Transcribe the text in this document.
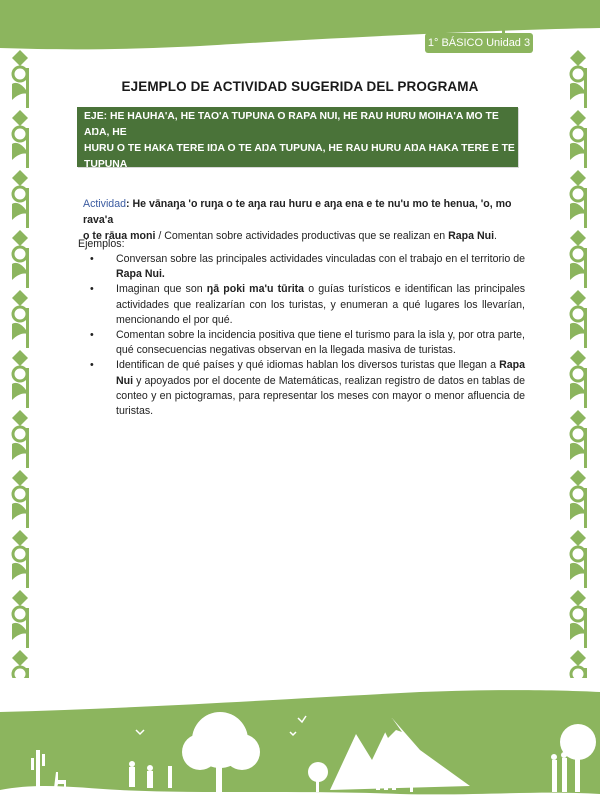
1° BÁSICO Unidad 3
EJEMPLO DE ACTIVIDAD SUGERIDA DEL PROGRAMA
EJE: HE HAUHA'A, HE TAO'A TUPUNA O RAPA NUI, HE RAU HURU MOIHA'A MO TE AŊA, HE
HURU O TE HAKA TERE IŊA O TE AŊA TUPUNA, HE RAU HURU AŊA HAKA TERE E TE TUPUNA
/ PATRIMONIO, TECNOLOGÍAS, TÉCNICAS, CIENCIAS Y ARTES ANCESTRALES.
Actividad: He vānaŋa 'o ruŋa o te aŋa rau huru e aŋa ena e te nu'u mo te henua, 'o, mo rava'a
o te rāua moni / Comentan sobre actividades productivas que se realizan en Rapa Nui.
Ejemplos:
• Conversan sobre las principales actividades vinculadas con el trabajo en el territorio de Rapa Nui.
• Imaginan que son ŋā poki ma'u tūrita o guías turísticos e identifican las principales actividades que realizarían con los turistas, y enumeran a qué lugares los llevarían, mencionando el por qué.
• Comentan sobre la incidencia positiva que tiene el turismo para la isla y, por otra parte, qué consecuencias negativas observan en la llegada masiva de turistas.
• Identifican de qué países y qué idiomas hablan los diversos turistas que llegan a Rapa Nui y apoyados por el docente de Matemáticas, realizan registro de datos en tablas de conteo y en pictogramas, para representar los meses con mayor o menor afluencia de turistas.
